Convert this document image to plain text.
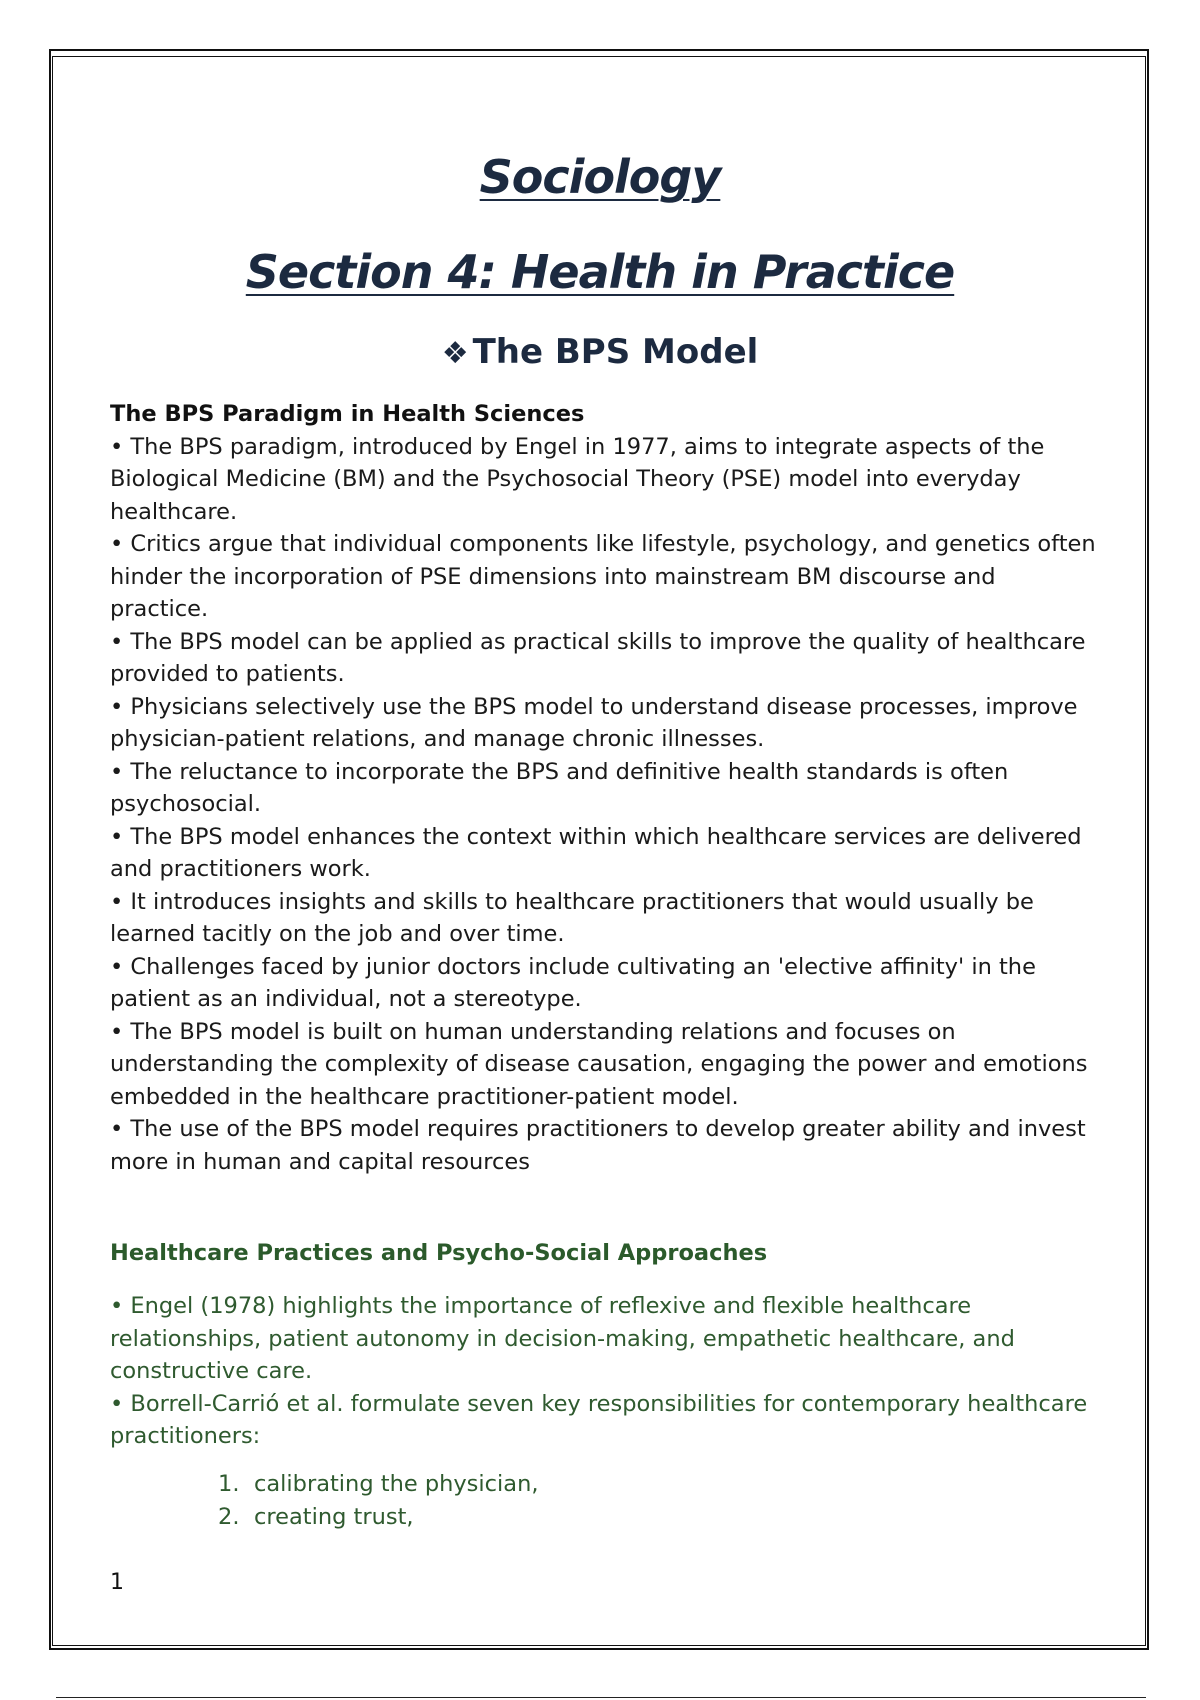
Sociology
Section 4: Health in Practice
❖ The BPS Model
The BPS Paradigm in Health Sciences

• The BPS paradigm, introduced by Engel in 1977, aims to integrate aspects of the Biological Medicine (BM) and the Psychosocial Theory (PSE) model into everyday healthcare.

• Critics argue that individual components like lifestyle, psychology, and genetics often hinder the incorporation of PSE dimensions into mainstream BM discourse and practice.

• The BPS model can be applied as practical skills to improve the quality of healthcare provided to patients.

• Physicians selectively use the BPS model to understand disease processes, improve physician-patient relations, and manage chronic illnesses.

• The reluctance to incorporate the BPS and definitive health standards is often psychosocial.

• The BPS model enhances the context within which healthcare services are delivered and practitioners work.

• It introduces insights and skills to healthcare practitioners that would usually be learned tacitly on the job and over time.

• Challenges faced by junior doctors include cultivating an 'elective affinity' in the patient as an individual, not a stereotype.

• The BPS model is built on human understanding relations and focuses on understanding the complexity of disease causation, engaging the power and emotions embedded in the healthcare practitioner-patient model.

• The use of the BPS model requires practitioners to develop greater ability and invest more in human and capital resources

Healthcare Practices and Psycho-Social Approaches

• Engel (1978) highlights the importance of reflexive and flexible healthcare relationships, patient autonomy in decision-making, empathetic healthcare, and constructive care.

• Borrell-Carrió et al. formulate seven key responsibilities for contemporary healthcare practitioners:

1. calibrating the physician,
2. creating trust,
1
